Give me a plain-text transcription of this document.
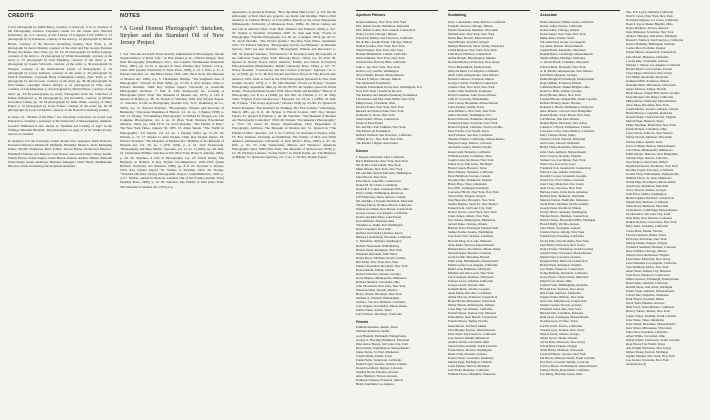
CREDITS

Cover photograph by Judith Barry, courtesy of artist; pp. 3, 6–11 courtesy of the Photography Archive, Carpenter Center for the Visual Arts, Harvard University; pp. 4–5 courtesy of The Library of Congress, LOT 10856; p. 13 photograph by Sy Kattelson, courtesy of the artist; p. 14 photograph by Harold Harris, courtesy of the Howard Greenberg Gallery, New York; p. 18 photograph by Aaron Siskind, courtesy of the artist and The George Eastman House, Rochester, New York; pp. 19, 23, 29 photographs by Arthur Leipzig, courtesy of the artist; p. 24 photograph by Walter Rosenblum, courtesy of the artist; p. 25 photograph by Jack Manning, courtesy of the artist; p. 26 photograph by Joseph Schwartz, courtesy of the artist; p. 30 photograph by Weegee, courtesy of the International Center of Photography; p. 33 photograph by Lucas Samaras, courtesy of the artist; p. 36 photograph by Patrick Faulhaber, copyright Betty Cuningham Gallery, New York; p. 37 photograph by Jan Groover, courtesy of the artist; pp. 38–40 photographs by Dan Weiner, copyright Sandra Weiner; p. 41 photograph by Nina Leen, courtesy of Life Magazine; p. 42 photograph by Martin Elkort, courtesy of the artist; pp. 43–48 photographs by Garry Winogrand, from the collection of Eileen Winogrand; p. 49 photograph by Sid Grossman, courtesy of Miriam Grossman Cohen; pp. 50–54 photographs by Ruth Orkin, courtesy of Mary Engel; p. 55 photograph by Louis Faurer, courtesy of the artist; pp. 56–58 photographs by Leon Levinstein, courtesy of the Howard Greenberg Gallery.

In Issue 111, “Return of the Hero,” the following corrections are noted: Lee Edwards is currently a professor at the University of Massachusetts, Amherst. Leonard Nimbaum is also shown as “Spanish Art Coming of Age” in the Whitney Museum Biennial. The photograph on page 27 is by Walker Evans, and not as credited.

In Aperture 115 the following credits should have appeared: Mark Holborn, Executive Director; Michael E. Hoffman, Publisher; Diana C. Stoll, Managing Editor; Phyllis Thompson Reid, Editor; Stevan Baron, Production Director; Elizabeth Ordonez, Art Director; Lisa Rosset, Associate Editor; Nancy Grubb, Wendy Byrne, Jackie Sugrue, Karin Haack, Interns; Andrew Wilkes, Editorial Work-Study; Susan Anderson, Business Manager; Linda Neely, Membership Director; Jason Greenberg, Development Assistant.

NOTES
“A Good Honest Photograph”: Steichen, Stryker and the Standard Oil of New Jersey Project

1. See “The Record Itself: Farm Security Administration Photography and the Transformation of Rural Life,” in Pete Daniel et al., Official Images: New Deal Photography (Washington, D.C., and London: Smithsonian Institution Press, 1987), pp. 15–35. 2. Quoted in Steve Plattner, Roy Stryker: U.S.A., 1943–1950 (Austin: University of Texas Press, 1983), p. 14. 3. Ibid., p. 21. 4. Edward Steichen, ed., The Bitter Years: 1935–1941 (New York: The Museum of Modern Art, 1962), n.p. 5. Christopher Phillips, “The Judgment Seat of Photography,” October 22 (Fall 1982), pp. 27–63. 6. Roy Stryker, letter to Edward Steichen, 1948, Roy Stryker Papers, University of Louisville Photographic Archives. 7. Ibid. 8. John Szarkowski, ed., Looking at Photographs (New York: The Museum of Modern Art, 1973), p. 142. 9. Quoted in Plattner, p. 38. 10. Stryker to Steichen, 1950, Roy Stryker Papers. 11. Steichen, A Life in Photography (Garden City, N.Y.: Doubleday & Co., 1963), n.p. 12. Edward Steichen, “Photography: Witness and Recorder of Humanity,” Wisconsin Magazine of History, vol. 41, no. 3 (Spring 1958), p. 160. 13. Stryker, “Documentary Photography,” in Willard D. Morgan, ed., The Complete Photographer, vol. 4, no. 21 (New York: National Educational Alliance, 1942), pp. 1364–1374. 14. Jacob Deschin, “The Family of Man,” The New York Times, January 30, 1955. 15. Allan Sekula, “The Traffic in Photographs,” Art Journal, vol. 41, no. 1 (Spring 1981), pp. 15–25. 16. Plattner, p. 72. 17. Stryker to John Vachon, 1949, Roy Stryker Papers. 18. Edward Steichen, “The Museum of Modern Art,” Bulletin of the Museum of Modern Art, vol. 20, no. 1 (Fall 1952), p. 4. 19. John Szarkowski, “Photography and Mass Media,” Aperture, vol. 13, no. 3 (1967), n.p. 20. Ibid. 21. Christopher Phillips, Steichen at War (New York: Harry N. Abrams, 1981), p. 29. 22. Steichen, A Life in Photography, n.p. 23. Ulrich Keller, The Highway as Habitat: A Roy Stryker Documentation, 1943–1955 (Santa Barbara: University Art Museum, 1986), pp. 8–9. 24. Steichen to Stryker, 1953, Roy Stryker Papers. 25. Stryker to Steichen, 1953. 26. Stryker, “Standard Oil (New Jersey) Photographic Project,” unpublished ms., 1947, p. 4. 27. Stryker, quoted in Nicholas Lemann, Out of the Forties (Austin: Texas Monthly Press, 1983), p. 12. 28. Steichen, The Family of Man (New York: The Museum of Modern Art, 1955), n.p.

department, is quoted in Plattner, “How the Other Half Lives,” p. 174. On the philosophy of New Deal arts projects, see Karal Ann Marling, Wall-to-Wall America: A Cultural History of Post-Office Murals in the Great Depression (Minneapolis: University of Minnesota Press, 1982). 29. Oliver Larkin, Art and Life in America (New York: Holt, Rinehart and Winston, 1960), p. 417. 30. Stryker to Steichen, November 1948. 31. Jean Ann Daly, “Poetry in Photography,” Popular Photography, vol. 29, no. 2 (August 1951), pp. 46–51. 32. Jacob Deschin, “The Picture Speaks,” The New York Times, September 1951. 33. Edward Steichen, “Photography and the Art Museum,” in Museum Service, 1947; see also Steichen, “Photography: Witness and Recorder,” p. 160. 34. Edward Steichen, “Introduction,” in Jacquelyn Judd, Photographs of the American Scene (New York: Harcourt Brace, 1952), n.p. 35. Ibid. 36. Quoted in Wendy Kozol, Life’s America: Family and Nation in Postwar Photojournalism (Philadelphia: Temple University Press, 1994), p. 127. 37. Nancy Newhall, “Controversy and the Creative Concepts,” Aperture, vol. 2, no. 2 (1953), pp. 3–13. 38. Roy Stryker and Nancy Wood, In This Proud Land: America 1935–1943 as Seen in the FSA Photographs (Greenwich: New York Graphic Society, 1973), p. 7. 39. John Durniak, “Focus on Stryker,” Popular Photography, September 1962, pp. 60–65, 80–83. 40. Stryker, quoted in Ulrich Keller, “Photojournalism Around 1950: Ideas, Ideals and Realities,” History of Photography, vol. 8, no. 4 (1984), pp. 341–365. 41. Plattner, p. 17. 42. Sally Stein, “Figures of the Unconscious,” Exposure, vol. 23, no. 1 (1985). 43. Ibid. 44. Fortune, “The Jersey Approach,” October 1948, pp. 93–98. 45. Quoted in Edwin Rosskam, “Not Intended for Framing: The FSA Archive,” Afterimage, March 1981, pp. 9–11. 46. Stryker to Harold Corsini, 1947, Roy Stryker Papers. 47. Quoted in Plattner, p. 46. 48. Steichen, “The Museum of Modern Art Photography Collection,” 1950. 49. Stryker, “Documentary Photography,” p. 1372. 50. Grace M. Mayer, memorandum, 1952, Department of Photography Archives, The Museum of Modern Art. 51. Quoted in “The Family of Man,” Aperture, vol. 3, no. 2 (1955). 52. Steichen to Stryker, 1954. 53. Eric Sandeen, Picturing an Exhibition: The Family of Man and 1950s America (Albuquerque: University of New Mexico Press, 1995), p. 45. 54. Ibid., p. 62. 55. John Szarkowski, Mirrors and Windows: American Photography Since 1960 (New York: The Museum of Modern Art, 1978), p. 12. 56. Nicholas Lemann, “Going North,” in Ulrich Keller, ed., The Highway as Habitat. 57. Quoted in Aperture, vol. 3, no. 2. 58. Roy Stryker Papers.

Aperture Patrons
Robert Anthoine, New York, New York
Mrs. Robert Ascher, Baltimore, Maryland
Mrs. Daniel Cohen, New Canaan, Connecticut
Nancy Crown, Chicago, Illinois
Edward P. Dudley, San Francisco, California
Mr. & Mrs. Joseph Friend, Chicago, Illinois
Nathan Gordon, New York, New York
Susan Hodges, New York, New York
Hosmer Hindmarch, Carmel, California
Maria Iannuzzi, New York, New York
Jeanette Isler, Beverly Hills, California
John C. Jay, New York, New York
Robert Lacy, Seattle, Washington
Alfred Marks, Boston, Massachusetts
Edward F. Mayer, Chicago, Illinois
The McDonald Foundation
National Endowment for the Arts, Washington, D.C.
New York State Council on the Arts
The Maurice and Isabelle Eisenberg Foundation
Lisa Nesson and Mrs. Anne Miller, New York
Philip Passel, Cincinnati, Ohio
Patricia Parker, New York, New York
Bernard and Sharon Stein, New York
Katherine S. Stone, New York
Susan Sundt, Wilton, Connecticut
Estate of Paul Strand
Mr. and Mrs. Paul Tishman, New York
The Westwood Foundation
Richard Wolfson, San Francisco, California
Tiffany & Co., New York, New York
The Reader’s Digest Association
Donors
J. Morgan Alexander, Ojai, California
Barry Rabinowitz, New York, New York
Mr. & Mrs. Paul Cohen, New York
Mark Simons, New York, New York
Mr. and Mrs. Robert Mnookin, Washington
Janet Brown, New York
Peter Buck, Lakeville, Connecticut
Daniel M. B. Cohen, Larchmont
David & F. Cohen, Cuyahoga Falls, Ohio
Peter Collins, Wilmington, Delaware
Jeff Edmonson, Reno, Alberta, Canada
Mr. and Mrs. J. Epstein, Bethesda, Maryland
Thomas Fulton, Hermosa Beach, California
Wilson Goodman, New Haven, Connecticut
George Greene, Los Angeles, California
Donna and Marc Hess, Lake Forest
Jack Hoffman, Sherman Oaks
Thaddeus A. Kuhn, Port Washington
David Lapadula, New York
Richard and Sandra Lindsley, Akron
Barbara Londonberg, Woodside, California
C. Nelleman, Olympia, Washington
Richard Nussbaum, Williamsburg
Burton Olson, Rochester, New York
Elizabeth Ostrander, Mill Valley
David Pierce, Durham, North Carolina
Bill Potter, New York, New York
Eleanor Rosenthal, Brooklyn, New York
Robert Rubin, Miami, Florida
Robert Schechter, Atlanta, Georgia
Doris Shapiro, Minneapolis, Minnesota
Richard Sheldon, Cleveland, Ohio
John Silverstein, New York, New York
Maureen Stein, Toronto, Ontario
Henry Tucker, Brooklyn, New York
Michael A. Umbach, Philadelphia
Arthur J. Vaccaro, Belmont, California
Joan Wagner, Providence, Rhode Island
Walter Weiss, Austin, Texas
Lucy Wilson, San Diego, California
Friends
William Albanese, Austin, Texas
Michael Anderson, Seattle
Gary Bianchi, Pittsburgh, Pennsylvania
George A. Bowling, Baltimore, Maryland
Peter Amos Brown, Salt Lake City, Utah
Bob Grinde, Northampton, Massachusetts
James Doyle, St. Paul, Minnesota
Joseph Elkins, Dallas, Texas
Frank Fields, Sunnyvale, California
Daniel Fogel, Toronto, Ontario, Canada
Donald Goldberg, Denver, Colorado
Stephen Hecht, Phoenix, Arizona
Alice Hubbard, Tucson, Arizona
Kathleen Johnson, Evanston, Illinois
Henry Kaufman, Los Angeles
Sustaining
Peter J. Alexander, Santa Barbara, California
Frank B. Alvarez, Chicago, Illinois
Pamela Anderson, Madison, Wisconsin
Michael Azar, New York, New York
David Baer, Boston, Massachusetts
Susan Barnes, Portland, Oregon
Marilyn Bernstein, Silver Spring, Maryland
Lionel Bergson, New York, New York
John Boyd, Hartford, Connecticut
Arthur Brandt, Bloomington, Indiana
Norman Brenton, Princeton, New Jersey
Victor Brounshtein, Pennsylvania
Marjorie Bush, Los Angeles, California
Allen Cahn, Albuquerque, New Mexico
Donald Cameron, Evanston, Illinois
George Cassidy, Fairfield, Connecticut
Charles Chen, New York, New York
Leslie Cohn, Nashville, Tennessee
Robert Coleman, Lake Forest, Illinois
John W. Corcoran, Philadelphia
Julie Cotton, Brookline, Massachusetts
Laura Dennis, Austin, Texas
Alan DiMarco, New York, New York
James Doolittle, Washington, D.C.
Robert Edwards, Baltimore, Maryland
Frederick Eisner, Scarsdale, New York
Helen Ferguson, Charlotte, North Carolina
Peter Fischer, Fort Worth, Texas
Ann Flanders, San Jose, California
Thomas Frankel, Cambridge, Massachusetts
Margaret Gage, Denver, Colorado
Alexander Gentry, Miami, Florida
Karen Gold, Berkeley, California
William Gordon, Columbus, Ohio
Joseph Grant, Rochester, New York
Elaine Gray, Ann Arbor, Michigan
Harold Green, Houston, Texas
Bruce Haines, Sausalito, California
Peter Hamilton, Toronto, Canada
Dorothy Hart, Richmond, Virginia
Henry Hays, Tulsa, Oklahoma
Nora Hill, Lexington, Kentucky
Lawrence Hirsch, New York, New York
Steven Holt, Eugene, Oregon
Paul Horowitz, Brooklyn, New York
Sandra Hughes, Santa Fe, New Mexico
Daniel Irwin, Salt Lake City, Utah
Robert Jacobs, Great Neck, New York
Linda James, Albany, New York
Eric Jensen, Minneapolis, Minnesota
Arnold Kane, Chicago, Illinois
Barbara Katz, Pittsburgh, Pennsylvania
Samuel Keller, Seattle, Washington
Joan Kent, New Orleans, Louisiana
Howard King, St. Louis, Missouri
Anne Klein, Newton, Massachusetts
Richard Knox, Providence, Rhode Island
Susan Kramer, Boulder, Colorado
Gerald Lamb, Honolulu, Hawaii
Edith Lang, Philadelphia, Pennsylvania
Martin Lerner, Los Angeles, California
Ruth Levin, Baltimore, Maryland
Michael and Jane Lewis, New York
Carl Lindgren, Madison, Wisconsin
Frances Lowe, Oakland, California
George Lynch, Dayton, Ohio
Kenneth Mack, Atlanta, Georgia
Anita Mann, Palo Alto, California
Arthur Marcus, Stamford, Connecticut
Helen Marsh, Milwaukee, Wisconsin
Walter Mason, Indianapolis, Indiana
Carol May, Sacramento, California
Donald Meyer, Kansas City, Missouri
Ellen Miller, New Haven, Connecticut
Francis Moore, Tampa, Florida
Irene Morris, Portland, Maine
Jack Murphy, Boston, Massachusetts
Peter Nash, San Francisco, California
Lois Nelson, Duluth, Minnesota
Andrew Nolan, Cleveland, Ohio
Susan Norris, Raleigh, North Carolina
Frank Olsen, Tacoma, Washington
Diane Ortiz, Phoenix, Arizona
Robert Owen, Louisville, Kentucky
Martha Page, Burlington, Vermont
Louis Palmer, Detroit, Michigan
Jean Parks, Berkeley, California
William Pearce, Memphis, Tennessee
Associate
Daniel Abelson, Walnut Creek, California
Dan R. Adler, Encino, California
Robert Allen, Chicago, Illinois
Karen Alpert, New York, New York
Philip Ames, Dallas, Texas
The Anne Ellis Group, Los Angeles
Jay Asher, Boston, Massachusetts
Joseph Bader, Annapolis, Maryland
Ronald Baird, Cambridge, Massachusetts
Sheldon Baker, Hastings, Nebraska
C. Woods Barth, Columbia, Maryland
Edward Bean, Brooklyn, New York
A. D. Becker, Albuquerque, New Mexico
Lynn Bell, Marietta, Georgia
Daniel Berghoff, Pittsburgh, Pennsylvania
Roger Biddle, Evanston, Illinois
Catherine Black, Shaker Heights, Ohio
Robert S. Blair, Atlanta, Georgia
Harry Bloom, Ithaca, New York
Leonard Boone, Chapel Hill, North Carolina
Richard Bradley, Reno, Nevada
Kenneth L. Block, Wilmington, Delaware
Alice Brooks, Concord, New Hampshire
Roland Burke, Stony Brook, New York
Carl Burton, Oak Park, Illinois
Dennis Byrne, Hoboken, New Jersey
Cameron J. Byron, Tallahassee, Florida
Lawrence Carey, Santa Monica, California
Mary Carlson, Boise, Idaho
Charles Carroll, Towson, Maryland
Ann Carter, Lincoln, Nebraska
Henry Chase, Rockville, Maryland
Julia Clark, Amherst, Massachusetts
Peter Clayton, Norfolk, Virginia
Samuel Coe, Larchmont, New York
Ellen Cole, Iowa City, Iowa
Frederick Colt, Greenwich, Connecticut
Warren Cook, Omaha, Nebraska
Dorothy Cooper, Savannah, Georgia
David Cox, Fort Collins, Colorado
Joan Craig, Montclair, New Jersey
Alan Cross, Syracuse, New York
Barbara Curtis, Little Rock, Arkansas
Richard Dale, Bethesda, Maryland
Maurice Dalton, Nashville, Tennessee
Sarah Davis, Durham, North Carolina
George Dean, Rockford, Illinois
Evelyn Dixon, Spokane, Washington
Thomas Doyle, Hamden, Connecticut
Patricia Drake, Bloomfield Hills, Michigan
Harold Duffy, Wichita, Kansas
Janet Dunn, Scottsdale, Arizona
Charles Dwyer, Albany, New York
Frank Eaton, Pasadena, California
Gloria Ellis, New Rochelle, New York
Paul Emery, Princeton, New Jersey
Nancy Evans, Charleston, South Carolina
Joseph Farley, Worcester, Massachusetts
Martin Faye, Lawrence, Kansas
Douglas Field, Hartford, Connecticut
Helen Finch, Arlington, Virginia
Leo Fisher, Westport, Connecticut
Irving Fleming, Riverside, California
Grace Flynn, Chevy Chase, Maryland
Ralph Ford, Akron, Ohio
Lillian Foster, Birmingham, Alabama
Howard Fox, Teaneck, New Jersey
Rita Frank, Stanford, California
Eugene Fuller, Buffalo, New York
Ann Gale, Middletown, Connecticut
Stanley Garner, Tucson, Arizona
Elizabeth Gates, Rye, New York
Bernard Gill, Columbia, Missouri
Ruth Glass, Lexington, Massachusetts
Norman Goss, El Paso, Texas
Lucille Grant, Fresno, California
Vincent Gray, Trenton, New Jersey
Marion Greer, Athens, Georgia
Albert Gross, Skokie, Illinois
Sylvia Hale, Princeton, New Jersey
Edwin Hall, Eugene, Oregon
Alma Hardy, Madison, Wisconsin
Leonard Harper, Syosset, New York
Ida Harris, Winston-Salem, North Carolina
Roy Hart, Colorado Springs, Colorado
Frances Hayes, Northampton, Massachusetts
Wallace Heath, Bakersfield, California
Lee Henry, Bowling Green, Ohio
Mrs. O.P. Leary, Oakland, California
Paul E. Lewis, New York, New York
Norman Lindgren, Los Gatos, California
Dean S. Lyon, Shaker Heights, Ohio
Roger Madison, Tucson, Arizona
Irene Mahoney, Scarsdale, New York
Andrew Maloney, Ann Arbor, Michigan
Russell J. Mallory, San Francisco, California
Robert Manning, Burlington, Vermont
Louise Marr, Portland, Oregon
Ernest Martin, Greenwich, Connecticut
Jane Mason, Berkeley, California
Lowell May, Scottsdale, Arizona
Michael J. Mayer, Los Angeles, California
Harold Mead, Coral Gables, Florida
Clara Meyer, Princeton, New Jersey
Eric Miller, Rockville, Maryland
Kathleen Mills, Evanston, Illinois
Rudolph Mohr, Milwaukee, Wisconsin
Agnes Monroe, Tampa, Florida
Brian Moore, Chapel Hill, North Carolina
Dana Morgan, San Diego, California
Philip Morse, Wellesley, Massachusetts
Alice Moss, Brooklyn, New York
Joseph Munro, Toronto, Ontario, Canada
Helen Murray, Louisville, Kentucky
Donald Nagle, Charlottesville, Virginia
Marvin Neal, Houston, Texas
Emily Newman, Bronxville, New York
Frank Nichols, Columbus, Ohio
Laura Noble, Santa Fe, New Mexico
Walter Norton, Madison, Wisconsin
Patrick Oakes, Austin, Texas
Grace O’Brien, Boston, Massachusetts
Carl Olson, Minneapolis, Minnesota
Edith Osborn, Hanover, New Hampshire
Thomas Page, Denver, Colorado
Sara Parker, Lake Forest, Illinois
Raymond Parsons, Rochester, New York
Dorothy Payne, Palo Alto, California
Jerome Perry, Philadelphia, Pennsylvania
Mildred Pierce, St. Paul, Minnesota
Arthur Pike, Providence, Rhode Island
Ann Porter, Baltimore, Maryland
Victor Powell, Atlanta, Georgia
Julia Price, Seattle, Washington
Herbert Quinn, Hartford, Connecticut
Martha Ray, Berkeley, California
Stuart Reed, Bethesda, Maryland
Lydia Reese, Cambridge, Massachusetts
Gordon Rich, Salt Lake City, Utah
Irma Riley, New Orleans, Louisiana
Nathan Roberts, Great Neck, New York
Betty Rose, Sausalito, California
Carlos Ruiz, Miami, Florida
Florence Russell, Dallas, Texas
Eli Sacks, Riverdale, New York
Marian Sander, Eugene, Oregon
Frederick Saunders, Boulder, Colorado
Rose Schmidt, Chicago, Illinois
Warren Scott, Richmond, Virginia
Pearl Shaw, Montclair, New Jersey
Leon Sherman, Los Angeles, California
Vera Simmons, Ithaca, New York
Allen Slater, Kansas City, Missouri
Joan Snow, Westport, Connecticut
Milton Spencer, Pittsburgh, Pennsylvania
Hazel Stark, Oakland, California
Ronald Stone, Ann Arbor, Michigan
Esther Swan, Amherst, Massachusetts
Calvin Tate, Nashville, Tennessee
Ruth Thayer, Portland, Maine
Oscar Todd, Phoenix, Arizona
Nina Tracy, Santa Barbara, California
Harvey Turner, Albany, New York
Louise Vance, Durham, North Carolina
Jesse Wade, Tulsa, Oklahoma
Irene Walsh, Brookline, Massachusetts
Kurt Weber, Milwaukee, Wisconsin
Edna West, Pasadena, California
Albert White, Cleveland, Ohio
Mabel Wilder, Charleston, South Carolina
Ross Wood, Fort Worth, Texas
Ada Wright, Princeton, New Jersey
Milton Young, Detroit, Michigan
Sophie Zimmer, New York, New York
Leo Zucker, Scarsdale, New York
Anonymous (4)
